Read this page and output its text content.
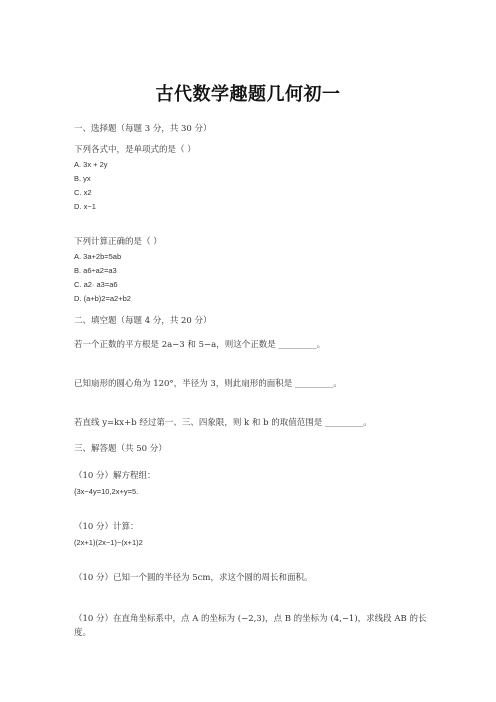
古代数学趣题几何初一
一、选择题（每题 3 分，共 30 分）
下列各式中，是单项式的是（ ）
A. 3x + 2y
B. yx
C. x2
D. x−1
下列计算正确的是（ ）
A. 3a+2b=5ab
B. a6÷a2=a3
C. a2· a3=a6
D. (a+b)2=a2+b2
二、填空题（每题 4 分，共 20 分）
若一个正数的平方根是 2a−3 和 5−a，则这个正数是 _________。
已知扇形的圆心角为 120°，半径为 3，则此扇形的面积是 _________。
若直线 y=kx+b 经过第一、三、四象限，则 k 和 b 的取值范围是 _________。
三、解答题（共 50 分）
（10 分）解方程组：
{3x−4y=10,2x+y=5.
（10 分）计算：
(2x+1)(2x−1)−(x+1)2
（10 分）已知一个圆的半径为 5cm，求这个圆的周长和面积。
（10 分）在直角坐标系中，点 A 的坐标为 (−2,3)，点 B 的坐标为 (4,−1)，求线段 AB 的长度。
